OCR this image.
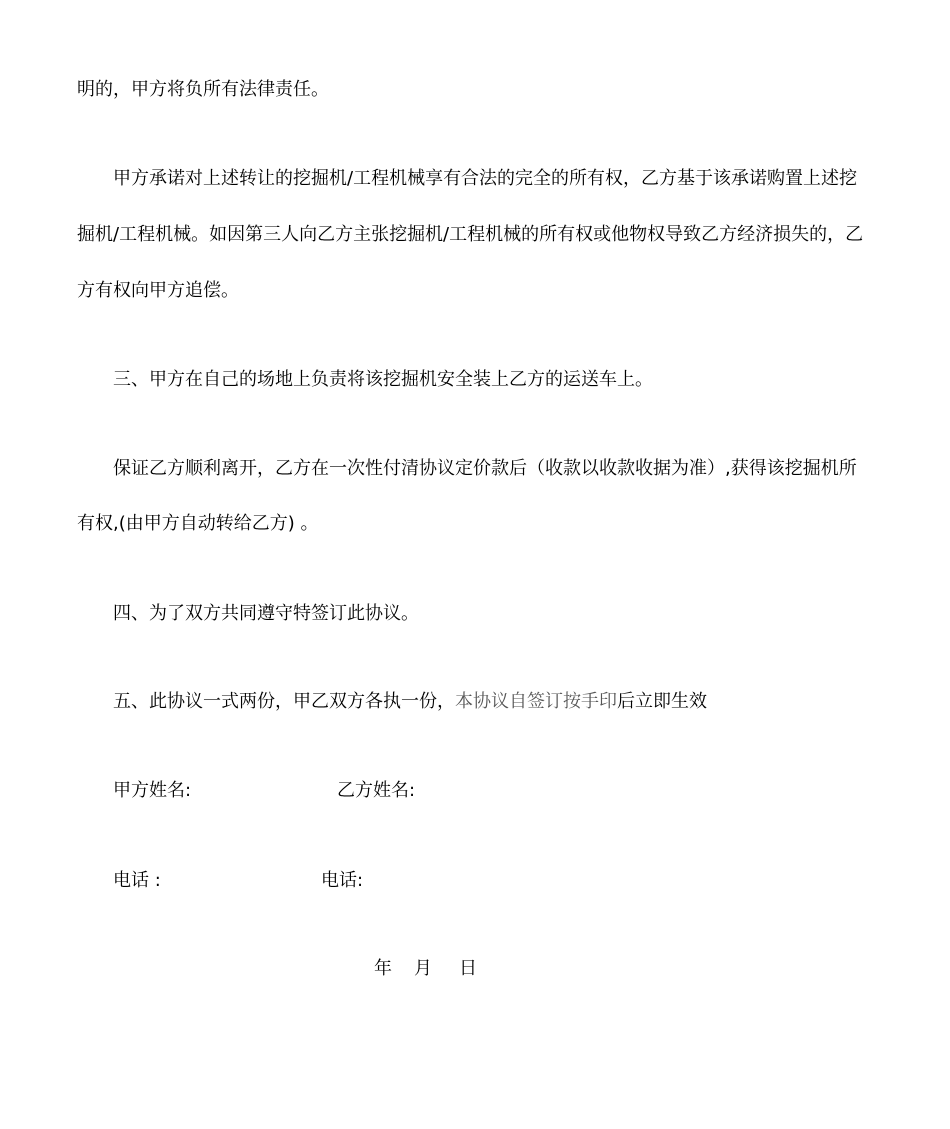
明的，甲方将负所有法律责任。
甲方承诺对上述转让的挖掘机/工程机械享有合法的完全的所有权，乙方基于该承诺购置上述挖
掘机/工程机械。如因第三人向乙方主张挖掘机/工程机械的所有权或他物权导致乙方经济损失的，乙
方有权向甲方追偿。
三、甲方在自己的场地上负责将该挖掘机安全装上乙方的运送车上。
保证乙方顺利离开，乙方在一次性付清协议定价款后（收款以收款收据为准）,获得该挖掘机所
有权,(由甲方自动转给乙方) 。
四、为了双方共同遵守特签订此协议。
五、此协议一式两份，甲乙双方各执一份，本协议自签订按手印后立即生效
甲方姓名:	乙方姓名:
电话 :	电话:
年 月 日
